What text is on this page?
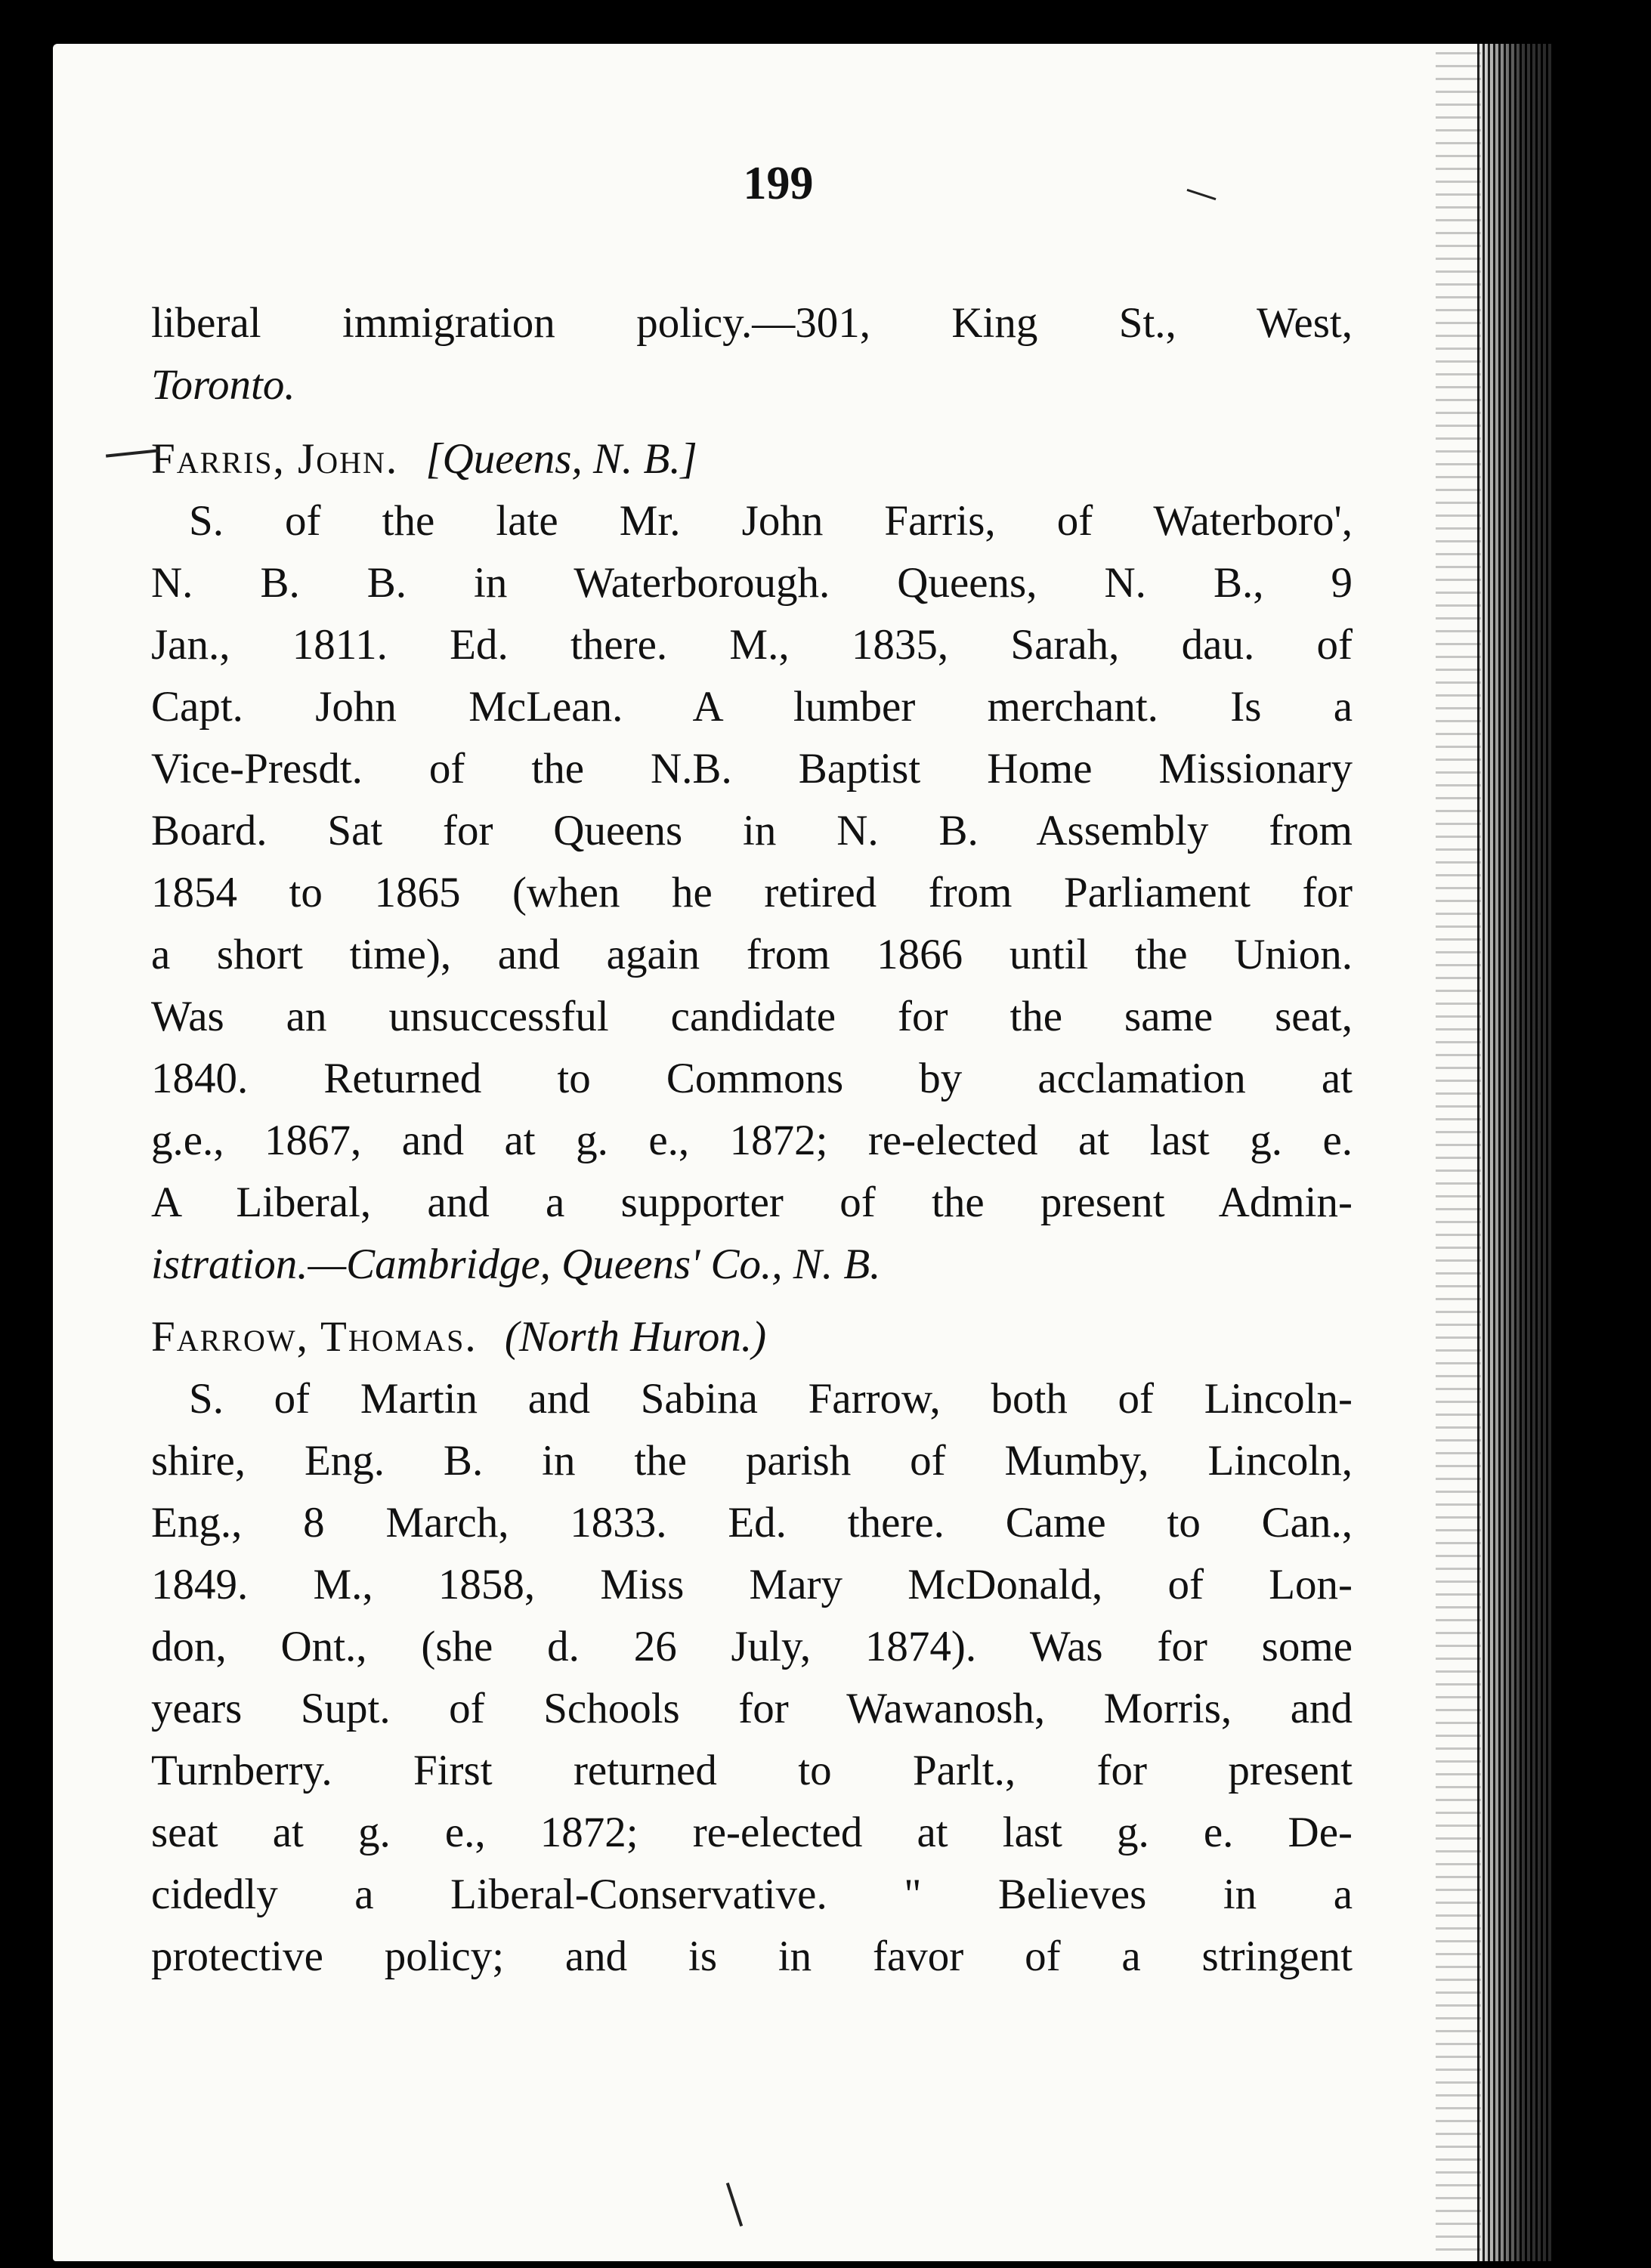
199
liberal immigration policy.—301, King St., West,
Toronto.
Farris, John. [Queens, N. B.]
S. of the late Mr. John Farris, of Waterboro',
N. B. B. in Waterborough. Queens, N. B., 9
Jan., 1811. Ed. there. M., 1835, Sarah, dau. of
Capt. John McLean. A lumber merchant. Is a
Vice-Presdt. of the N.B. Baptist Home Missionary
Board. Sat for Queens in N. B. Assembly from
1854 to 1865 (when he retired from Parliament for
a short time), and again from 1866 until the Union.
Was an unsuccessful candidate for the same seat,
1840. Returned to Commons by acclamation at
g.e., 1867, and at g. e., 1872; re-elected at last g. e.
A Liberal, and a supporter of the present Admin-
istration.—Cambridge, Queens' Co., N. B.
Farrow, Thomas. (North Huron.)
S. of Martin and Sabina Farrow, both of Lincoln-
shire, Eng. B. in the parish of Mumby, Lincoln,
Eng., 8 March, 1833. Ed. there. Came to Can.,
1849. M., 1858, Miss Mary McDonald, of Lon-
don, Ont., (she d. 26 July, 1874). Was for some
years Supt. of Schools for Wawanosh, Morris, and
Turnberry. First returned to Parlt., for present
seat at g. e., 1872; re-elected at last g. e. De-
cidedly a Liberal-Conservative. " Believes in a
protective policy; and is in favor of a stringent
